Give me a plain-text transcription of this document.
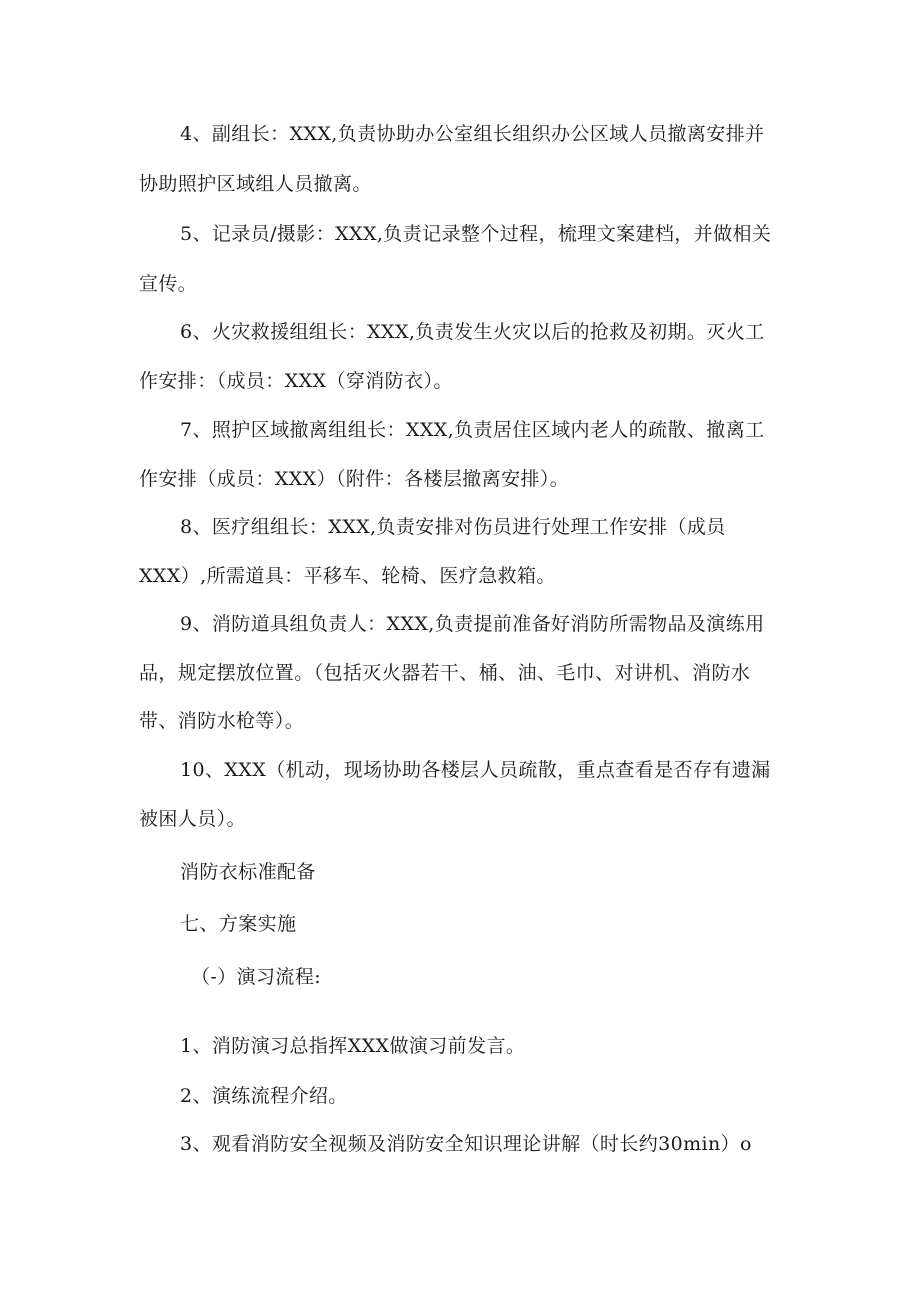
4、副组长：XXX,负责协助办公室组长组织办公区域人员撤离安排并
协助照护区域组人员撤离。
5、记录员/摄影：XXX,负责记录整个过程，梳理文案建档，并做相关
宣传。
6、火灾救援组组长：XXX,负责发生火灾以后的抢救及初期。灭火工
作安排：（成员：XXX（穿消防衣）。
7、照护区域撤离组组长：XXX,负责居住区域内老人的疏散、撤离工
作安排（成员：XXX）（附件：各楼层撤离安排）。
8、医疗组组长：XXX,负责安排对伤员进行处理工作安排（成员
XXX）,所需道具：平移车、轮椅、医疗急救箱。
9、消防道具组负责人：XXX,负责提前准备好消防所需物品及演练用
品，规定摆放位置。（包括灭火器若干、桶、油、毛巾、对讲机、消防水
带、消防水枪等）。
10、XXX（机动，现场协助各楼层人员疏散，重点查看是否存有遗漏
被困人员）。
消防衣标准配备
七、方案实施
（-）演习流程:
1、消防演习总指挥XXX做演习前发言。
2、演练流程介绍。
3、观看消防安全视频及消防安全知识理论讲解（时长约30min）o
